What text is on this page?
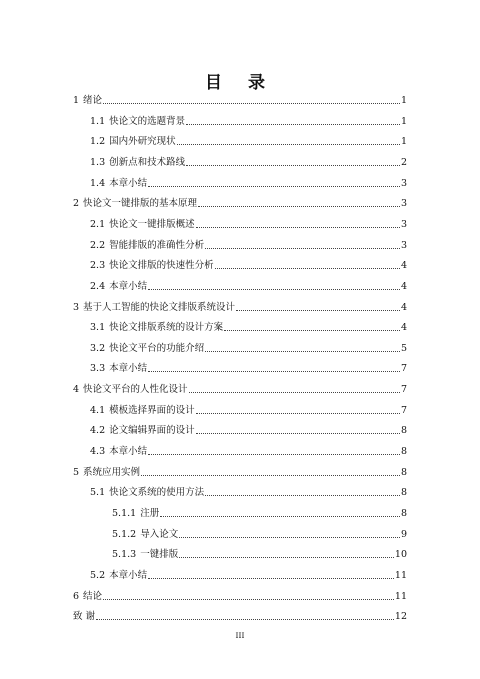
目 录
1 绪论	1
1.1 快论文的选题背景	1
1.2 国内外研究现状	1
1.3 创新点和技术路线	2
1.4 本章小结	3
2 快论文一键排版的基本原理	3
2.1 快论文一键排版概述	3
2.2 智能排版的准确性分析	3
2.3 快论文排版的快速性分析	4
2.4 本章小结	4
3 基于人工智能的快论文排版系统设计	4
3.1 快论文排版系统的设计方案	4
3.2 快论文平台的功能介绍	5
3.3 本章小结	7
4 快论文平台的人性化设计	7
4.1 模板选择界面的设计	7
4.2 论文编辑界面的设计	8
4.3 本章小结	8
5 系统应用实例	8
5.1 快论文系统的使用方法	8
5.1.1 注册	8
5.1.2 导入论文	9
5.1.3 一键排版	10
5.2 本章小结	11
6 结论	11
致 谢	12
III
